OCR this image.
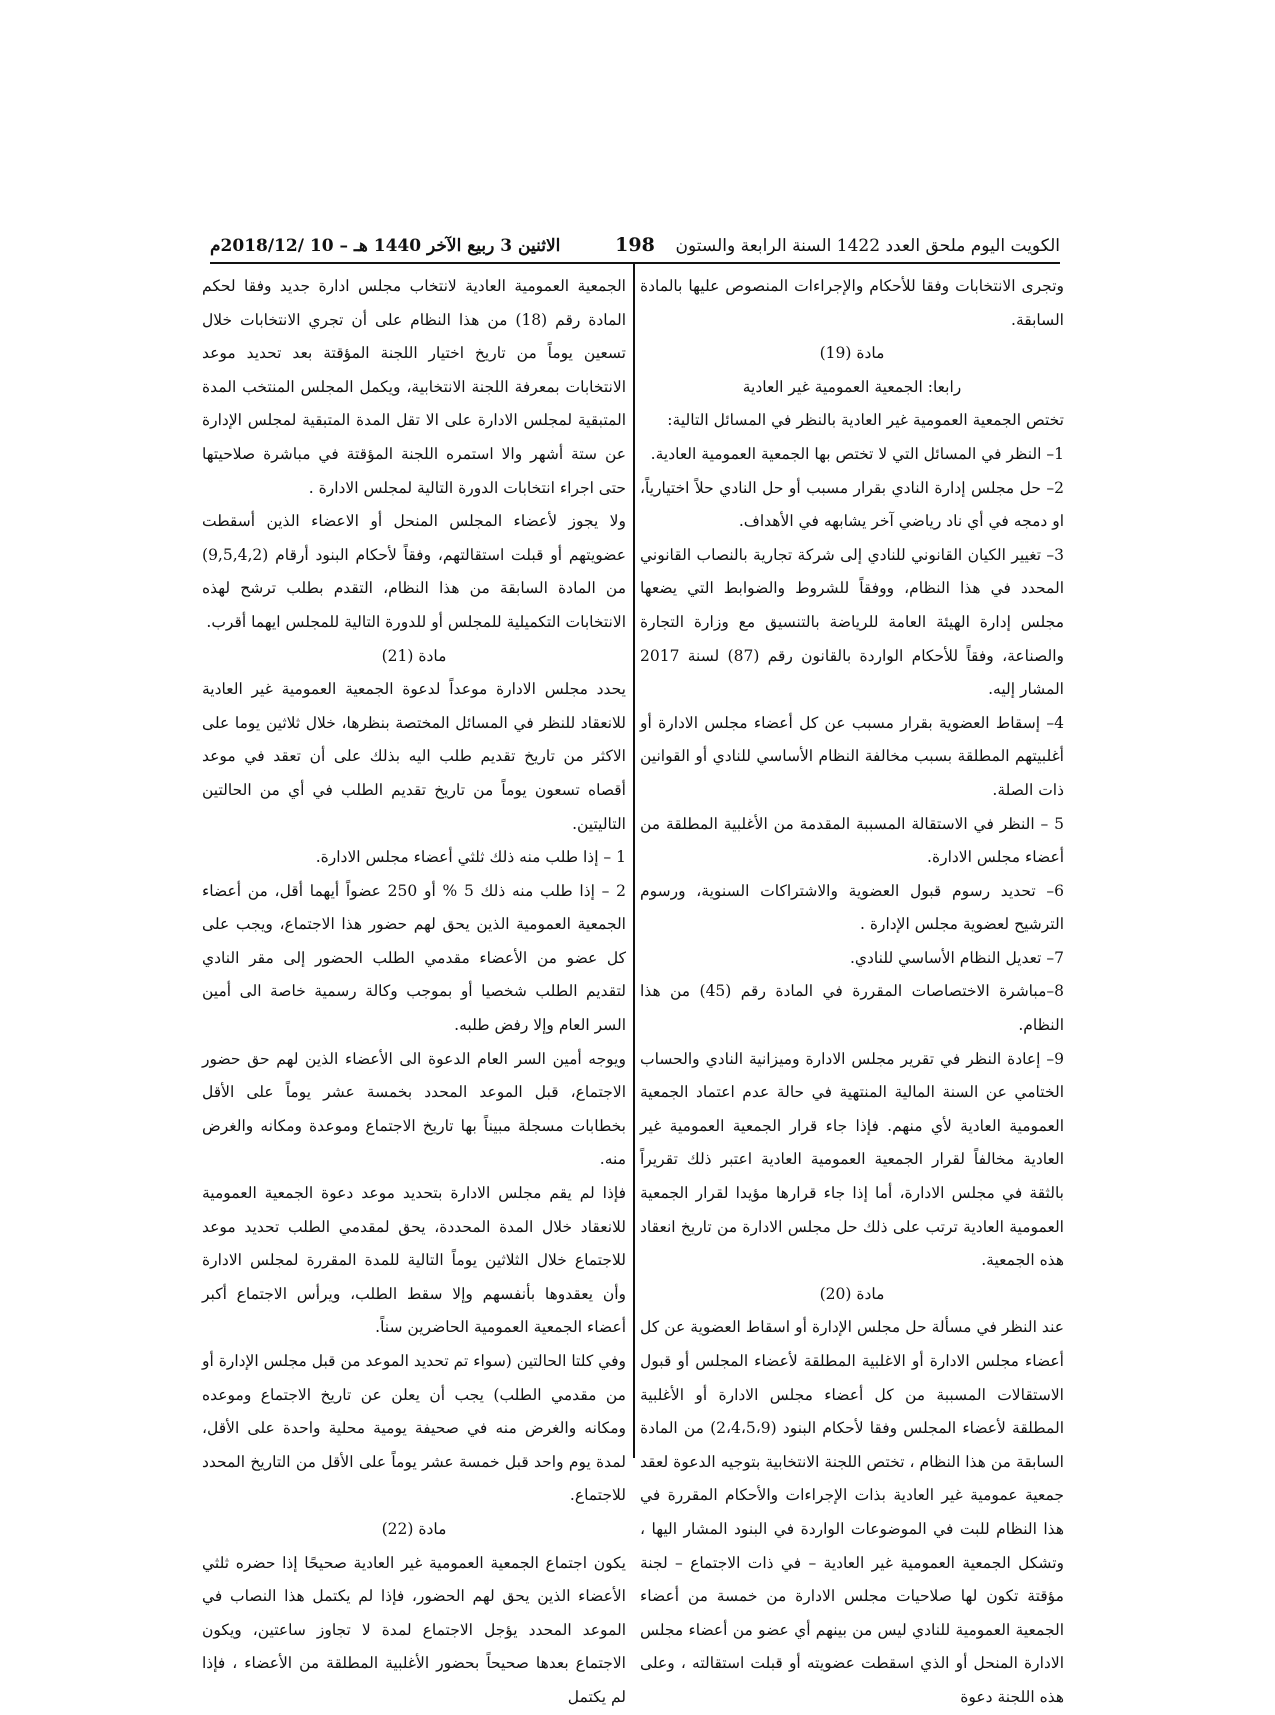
الكويت اليوم ملحق العدد 1422 السنة الرابعة والستون
198
الاثنين 3 ربيع الآخر 1440 هـ – 10 /2018/12م

وتجرى الانتخابات وفقا للأحكام والإجراءات المنصوص عليها بالمادة السابقة.

مادة (19)

رابعا: الجمعية العمومية غير العادية

تختص الجمعية العمومية غير العادية بالنظر في المسائل التالية:

1– النظر في المسائل التي لا تختص بها الجمعية العمومية العادية.

2– حل مجلس إدارة النادي بقرار مسبب أو حل النادي حلاً اختيارياً، او دمجه في أي ناد رياضي آخر يشابهه في الأهداف.

3– تغيير الكيان القانوني للنادي إلى شركة تجارية بالنصاب القانوني المحدد في هذا النظام، ووفقاً للشروط والضوابط التي يضعها مجلس إدارة الهيئة العامة للرياضة بالتنسيق مع وزارة التجارة والصناعة، وفقاً للأحكام الواردة بالقانون رقم (87) لسنة 2017 المشار إليه.

4– إسقاط العضوية بقرار مسبب عن كل أعضاء مجلس الادارة أو أغلبيتهم المطلقة بسبب مخالفة النظام الأساسي للنادي أو القوانين ذات الصلة.

5 – النظر في الاستقالة المسببة المقدمة من الأغلبية المطلقة من أعضاء مجلس الادارة.

6– تحديد رسوم قبول العضوية والاشتراكات السنوية، ورسوم الترشيح لعضوية مجلس الإدارة .

7– تعديل النظام الأساسي للنادي.

8–مباشرة الاختصاصات المقررة في المادة رقم (45) من هذا النظام.

9– إعادة النظر في تقرير مجلس الادارة وميزانية النادي والحساب الختامي عن السنة المالية المنتهية في حالة عدم اعتماد الجمعية العمومية العادية لأي منهم. فإذا جاء قرار الجمعية العمومية غير العادية مخالفاً لقرار الجمعية العمومية العادية اعتبر ذلك تقريراً بالثقة في مجلس الادارة، أما إذا جاء قرارها مؤيدا لقرار الجمعية العمومية العادية ترتب على ذلك حل مجلس الادارة من تاريخ انعقاد هذه الجمعية.

مادة (20)

عند النظر في مسألة حل مجلس الإدارة أو اسقاط العضوية عن كل أعضاء مجلس الادارة أو الاغلبية المطلقة لأعضاء المجلس أو قبول الاستقالات المسببة من كل أعضاء مجلس الادارة أو الأغلبية المطلقة لأعضاء المجلس وفقا لأحكام البنود (2،4،5،9) من المادة السابقة من هذا النظام ، تختص اللجنة الانتخابية بتوجيه الدعوة لعقد جمعية عمومية غير العادية بذات الإجراءات والأحكام المقررة في هذا النظام للبت في الموضوعات الواردة في البنود المشار اليها ، وتشكل الجمعية العمومية غير العادية – في ذات الاجتماع – لجنة مؤقتة تكون لها صلاحيات مجلس الادارة من خمسة من أعضاء الجمعية العمومية للنادي ليس من بينهم أي عضو من أعضاء مجلس الادارة المنحل أو الذي اسقطت عضويته أو قبلت استقالته ، وعلى هذه اللجنة دعوة

الجمعية العمومية العادية لانتخاب مجلس ادارة جديد وفقا لحكم المادة رقم (18) من هذا النظام على أن تجري الانتخابات خلال تسعين يوماً من تاريخ اختيار اللجنة المؤقتة بعد تحديد موعد الانتخابات بمعرفة اللجنة الانتخابية، ويكمل المجلس المنتخب المدة المتبقية لمجلس الادارة على الا تقل المدة المتبقية لمجلس الإدارة عن ستة أشهر والا استمره اللجنة المؤقتة في مباشرة صلاحيتها حتى اجراء انتخابات الدورة التالية لمجلس الادارة .

ولا يجوز لأعضاء المجلس المنحل أو الاعضاء الذين أسقطت عضويتهم أو قبلت استقالتهم، وفقاً لأحكام البنود أرقام (9,5,4,2) من المادة السابقة من هذا النظام، التقدم بطلب ترشح لهذه الانتخابات التكميلية للمجلس أو للدورة التالية للمجلس ايهما أقرب.

مادة (21)

يحدد مجلس الادارة موعداً لدعوة الجمعية العمومية غير العادية للانعقاد للنظر في المسائل المختصة بنظرها، خلال ثلاثين يوما على الاكثر من تاريخ تقديم طلب اليه بذلك على أن تعقد في موعد أقصاه تسعون يوماً من تاريخ تقديم الطلب في أي من الحالتين التاليتين.

1 – إذا طلب منه ذلك ثلثي أعضاء مجلس الادارة.

2 – إذا طلب منه ذلك 5 % أو 250 عضواً أيهما أقل، من أعضاء الجمعية العمومية الذين يحق لهم حضور هذا الاجتماع، ويجب على كل عضو من الأعضاء مقدمي الطلب الحضور إلى مقر النادي لتقديم الطلب شخصيا أو بموجب وكالة رسمية خاصة الى أمين السر العام وإلا رفض طلبه.

ويوجه أمين السر العام الدعوة الى الأعضاء الذين لهم حق حضور الاجتماع، قبل الموعد المحدد بخمسة عشر يوماً على الأقل بخطابات مسجلة مبيناً بها تاريخ الاجتماع وموعدة ومكانه والغرض منه.

فإذا لم يقم مجلس الادارة بتحديد موعد دعوة الجمعية العمومية للانعقاد خلال المدة المحددة، يحق لمقدمي الطلب تحديد موعد للاجتماع خلال الثلاثين يوماً التالية للمدة المقررة لمجلس الادارة وأن يعقدوها بأنفسهم وإلا سقط الطلب، ويرأس الاجتماع أكبر أعضاء الجمعية العمومية الحاضرين سناً.

وفي كلتا الحالتين (سواء تم تحديد الموعد من قبل مجلس الإدارة أو من مقدمي الطلب) يجب أن يعلن عن تاريخ الاجتماع وموعده ومكانه والغرض منه في صحيفة يومية محلية واحدة على الأقل، لمدة يوم واحد قبل خمسة عشر يوماً على الأقل من التاريخ المحدد للاجتماع.

مادة (22)

يكون اجتماع الجمعية العمومية غير العادية صحيحًا إذا حضره ثلثي الأعضاء الذين يحق لهم الحضور، فإذا لم يكتمل هذا النصاب في الموعد المحدد يؤجل الاجتماع لمدة لا تجاوز ساعتين، ويكون الاجتماع بعدها صحيحاً بحضور الأغلبية المطلقة من الأعضاء ، فإذا لم يكتمل
